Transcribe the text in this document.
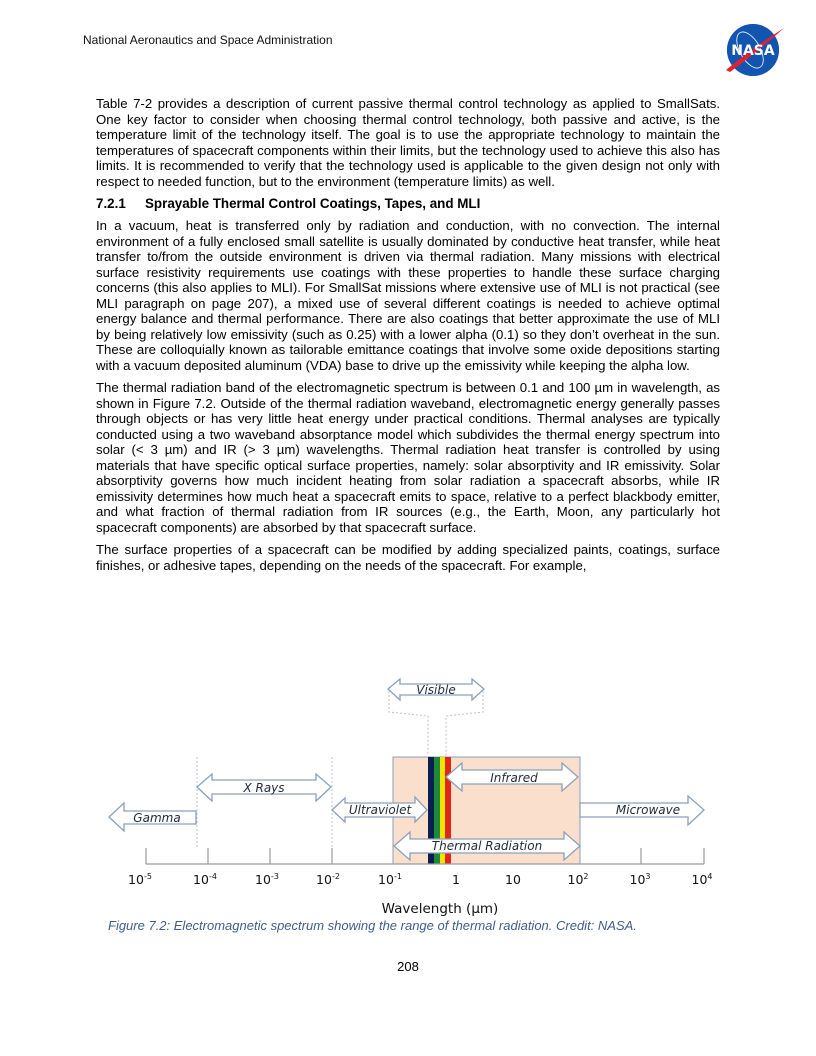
National Aeronautics and Space Administration
NASA

Table 7-2 provides a description of current passive thermal control technology as applied to SmallSats. One key factor to consider when choosing thermal control technology, both passive and active, is the temperature limit of the technology itself. The goal is to use the appropriate technology to maintain the temperatures of spacecraft components within their limits, but the technology used to achieve this also has limits. It is recommended to verify that the technology used is applicable to the given design not only with respect to needed function, but to the environment (temperature limits) as well.

7.2.1 Sprayable Thermal Control Coatings, Tapes, and MLI

In a vacuum, heat is transferred only by radiation and conduction, with no convection. The internal environment of a fully enclosed small satellite is usually dominated by conductive heat transfer, while heat transfer to/from the outside environment is driven via thermal radiation. Many missions with electrical surface resistivity requirements use coatings with these properties to handle these surface charging concerns (this also applies to MLI). For SmallSat missions where extensive use of MLI is not practical (see MLI paragraph on page 207), a mixed use of several different coatings is needed to achieve optimal energy balance and thermal performance. There are also coatings that better approximate the use of MLI by being relatively low emissivity (such as 0.25) with a lower alpha (0.1) so they don’t overheat in the sun. These are colloquially known as tailorable emittance coatings that involve some oxide depositions starting with a vacuum deposited aluminum (VDA) base to drive up the emissivity while keeping the alpha low.

The thermal radiation band of the electromagnetic spectrum is between 0.1 and 100 µm in wavelength, as shown in Figure 7.2. Outside of the thermal radiation waveband, electromagnetic energy generally passes through objects or has very little heat energy under practical conditions. Thermal analyses are typically conducted using a two waveband absorptance model which subdivides the thermal energy spectrum into solar (< 3 µm) and IR (> 3 µm) wavelengths. Thermal radiation heat transfer is controlled by using materials that have specific optical surface properties, namely: solar absorptivity and IR emissivity. Solar absorptivity governs how much incident heating from solar radiation a spacecraft absorbs, while IR emissivity determines how much heat a spacecraft emits to space, relative to a perfect blackbody emitter, and what fraction of thermal radiation from IR sources (e.g., the Earth, Moon, any particularly hot spacecraft components) are absorbed by that spacecraft surface.

The surface properties of a spacecraft can be modified by adding specialized paints, coatings, surface finishes, or adhesive tapes, depending on the needs of the spacecraft. For example,

Visible
X Rays
Gamma
Ultraviolet
Infrared
Microwave
Thermal Radiation
$10^{-5}$	$10^{-4}$	$10^{-3}$	$10^{-2}$	$10^{-1}$	1	10	$10^2$	$10^3$	$10^4$
Wavelength (µm)
Figure 7.2: Electromagnetic spectrum showing the range of thermal radiation. Credit: NASA.
208
